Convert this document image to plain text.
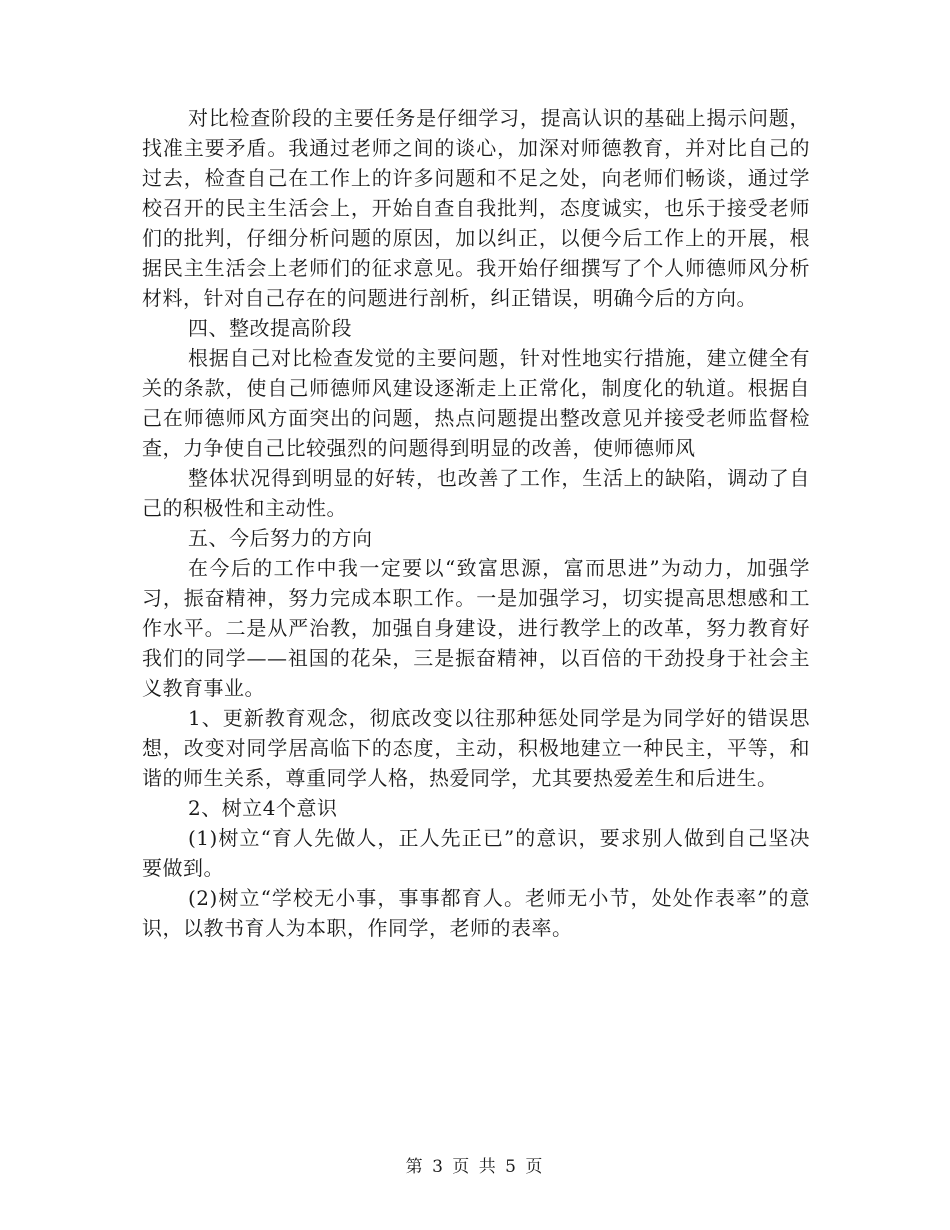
对比检查阶段的主要任务是仔细学习，提高认识的基础上揭示问题，找准主要矛盾。我通过老师之间的谈心，加深对师德教育，并对比自己的过去，检查自己在工作上的许多问题和不足之处，向老师们畅谈，通过学校召开的民主生活会上，开始自查自我批判，态度诚实，也乐于接受老师们的批判，仔细分析问题的原因，加以纠正，以便今后工作上的开展，根据民主生活会上老师们的征求意见。我开始仔细撰写了个人师德师风分析材料，针对自己存在的问题进行剖析，纠正错误，明确今后的方向。

四、整改提高阶段

根据自己对比检查发觉的主要问题，针对性地实行措施，建立健全有关的条款，使自己师德师风建设逐渐走上正常化，制度化的轨道。根据自己在师德师风方面突出的问题，热点问题提出整改意见并接受老师监督检查，力争使自己比较强烈的问题得到明显的改善，使师德师风

整体状况得到明显的好转，也改善了工作，生活上的缺陷，调动了自己的积极性和主动性。

五、今后努力的方向

在今后的工作中我一定要以“致富思源，富而思进”为动力，加强学习，振奋精神，努力完成本职工作。一是加强学习，切实提高思想感和工作水平。二是从严治教，加强自身建设，进行教学上的改革，努力教育好我们的同学——祖国的花朵，三是振奋精神，以百倍的干劲投身于社会主义教育事业。

1、更新教育观念，彻底改变以往那种惩处同学是为同学好的错误思想，改变对同学居高临下的态度，主动，积极地建立一种民主，平等，和谐的师生关系，尊重同学人格，热爱同学，尤其要热爱差生和后进生。

2、树立4个意识

(1)树立“育人先做人，正人先正已”的意识，要求别人做到自己坚决要做到。

(2)树立“学校无小事，事事都育人。老师无小节，处处作表率”的意识，以教书育人为本职，作同学，老师的表率。

第 3 页 共 5 页
